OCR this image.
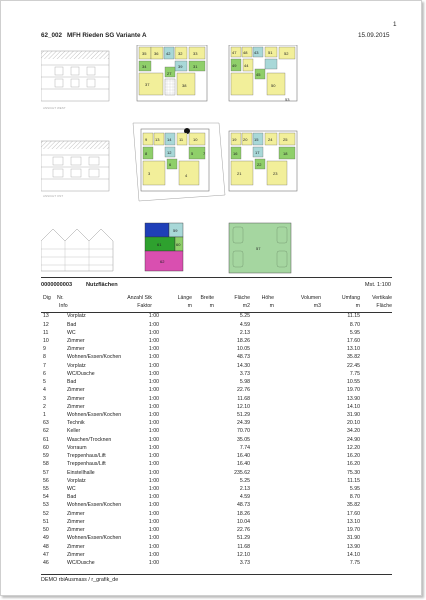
1
62_002 MFH Rieden SG Variante A	15.09.2015
ANSICHT WEST
ANSICHT OST
35 36 42 32	33
34	39
27
31
37	38
47 48 43 51	52
44
49
45
50
53
9	10
13 14
8
11
12
3
5
6
7
4
19 20 15 24	25
16	17	18
21
22
23
59
61	60
62
57
0000000003 Nutzflächen	Mst. 1:100
Dig Nr.	Anzahl Stk	Länge Breite	Fläche Höhe	Volumen	Umfang Vertikale
Info	Faktor	m	m	m2	m	m3	m	Fläche
13	Vorplatz	1:00	5.25	11.15
12	Bad	1:00	4.59	8.70
11	WC	1:00	2.13	5.95
10	Zimmer	1:00	18.26	17.60
9	Zimmer	1:00	10.05	13.10
8	Wohnen/Essen/Kochen	1:00	48.73	35.82
7	Vorplatz	1:00	14.30	22.45
6	WC/Dusche	1:00	3.73	7.75
5	Bad	1:00	5.98	10.55
4	Zimmer	1:00	22.76	19.70
3	Zimmer	1:00	11.68	13.90
2	Zimmer	1:00	12.10	14.10
1	Wohnen/Essen/Kochen	1:00	51.29	31.90
63	Technik	1:00	24.39	20.10
62	Keller	1:00	70.70	34.20
61	Waschen/Trocknen	1:00	35.05	24.90
60	Vorraum	1:00	7.74	12.20
59	Treppenhaus/Lift	1:00	16.40	16.20
58	Treppenhaus/Lift	1:00	16.40	16.20
57	Einstellhalle	1:00	235.62	75.30
56	Vorplatz	1:00	5.25	11.15
55	WC	1:00	2.13	5.95
54	Bad	1:00	4.59	8.70
53	Wohnen/Essen/Kochen	1:00	48.73	35.82
52	Zimmer	1:00	18.26	17.60
51	Zimmer	1:00	10.04	13.10
50	Zimmer	1:00	22.76	19.70
49	Wohnen/Essen/Kochen	1:00	51.29	31.90
48	Zimmer	1:00	11.68	13.90
47	Zimmer	1:00	12.10	14.10
46	WC/Dusche	1:00	3.73	7.75
DEMO rbiAusmass / r_grafik_de
